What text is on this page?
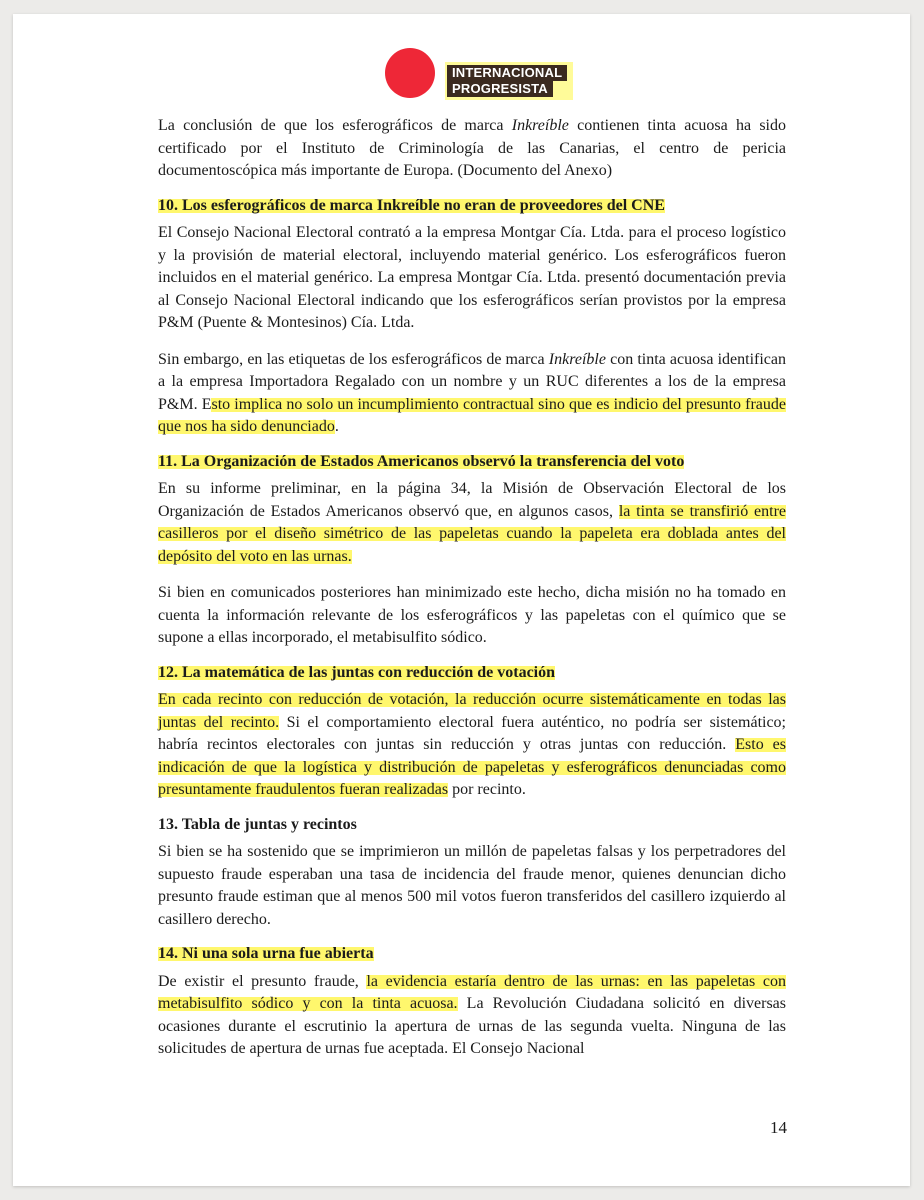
INTERNACIONAL
PROGRESISTA

La conclusión de que los esferográficos de marca Inkreíble contienen tinta acuosa ha sido certificado por el Instituto de Criminología de las Canarias, el centro de pericia documentoscópica más importante de Europa. (Documento del Anexo)

10. Los esferográficos de marca Inkreíble no eran de proveedores del CNE

El Consejo Nacional Electoral contrató a la empresa Montgar Cía. Ltda. para el proceso logístico y la provisión de material electoral, incluyendo material genérico. Los esferográficos fueron incluidos en el material genérico. La empresa Montgar Cía. Ltda. presentó documentación previa al Consejo Nacional Electoral indicando que los esferográficos serían provistos por la empresa P&M (Puente & Montesinos) Cía. Ltda.

Sin embargo, en las etiquetas de los esferográficos de marca Inkreíble con tinta acuosa identifican a la empresa Importadora Regalado con un nombre y un RUC diferentes a los de la empresa P&M. Esto implica no solo un incumplimiento contractual sino que es indicio del presunto fraude que nos ha sido denunciado.

11. La Organización de Estados Americanos observó la transferencia del voto

En su informe preliminar, en la página 34, la Misión de Observación Electoral de los Organización de Estados Americanos observó que, en algunos casos, la tinta se transfirió entre casilleros por el diseño simétrico de las papeletas cuando la papeleta era doblada antes del depósito del voto en las urnas.

Si bien en comunicados posteriores han minimizado este hecho, dicha misión no ha tomado en cuenta la información relevante de los esferográficos y las papeletas con el químico que se supone a ellas incorporado, el metabisulfito sódico.

12. La matemática de las juntas con reducción de votación

En cada recinto con reducción de votación, la reducción ocurre sistemáticamente en todas las juntas del recinto. Si el comportamiento electoral fuera auténtico, no podría ser sistemático; habría recintos electorales con juntas sin reducción y otras juntas con reducción. Esto es indicación de que la logística y distribución de papeletas y esferográficos denunciadas como presuntamente fraudulentos fueran realizadas por recinto.

13. Tabla de juntas y recintos

Si bien se ha sostenido que se imprimieron un millón de papeletas falsas y los perpetradores del supuesto fraude esperaban una tasa de incidencia del fraude menor, quienes denuncian dicho presunto fraude estiman que al menos 500 mil votos fueron transferidos del casillero izquierdo al casillero derecho.

14. Ni una sola urna fue abierta

De existir el presunto fraude, la evidencia estaría dentro de las urnas: en las papeletas con metabisulfito sódico y con la tinta acuosa. La Revolución Ciudadana solicitó en diversas ocasiones durante el escrutinio la apertura de urnas de las segunda vuelta. Ninguna de las solicitudes de apertura de urnas fue aceptada. El Consejo Nacional

14
